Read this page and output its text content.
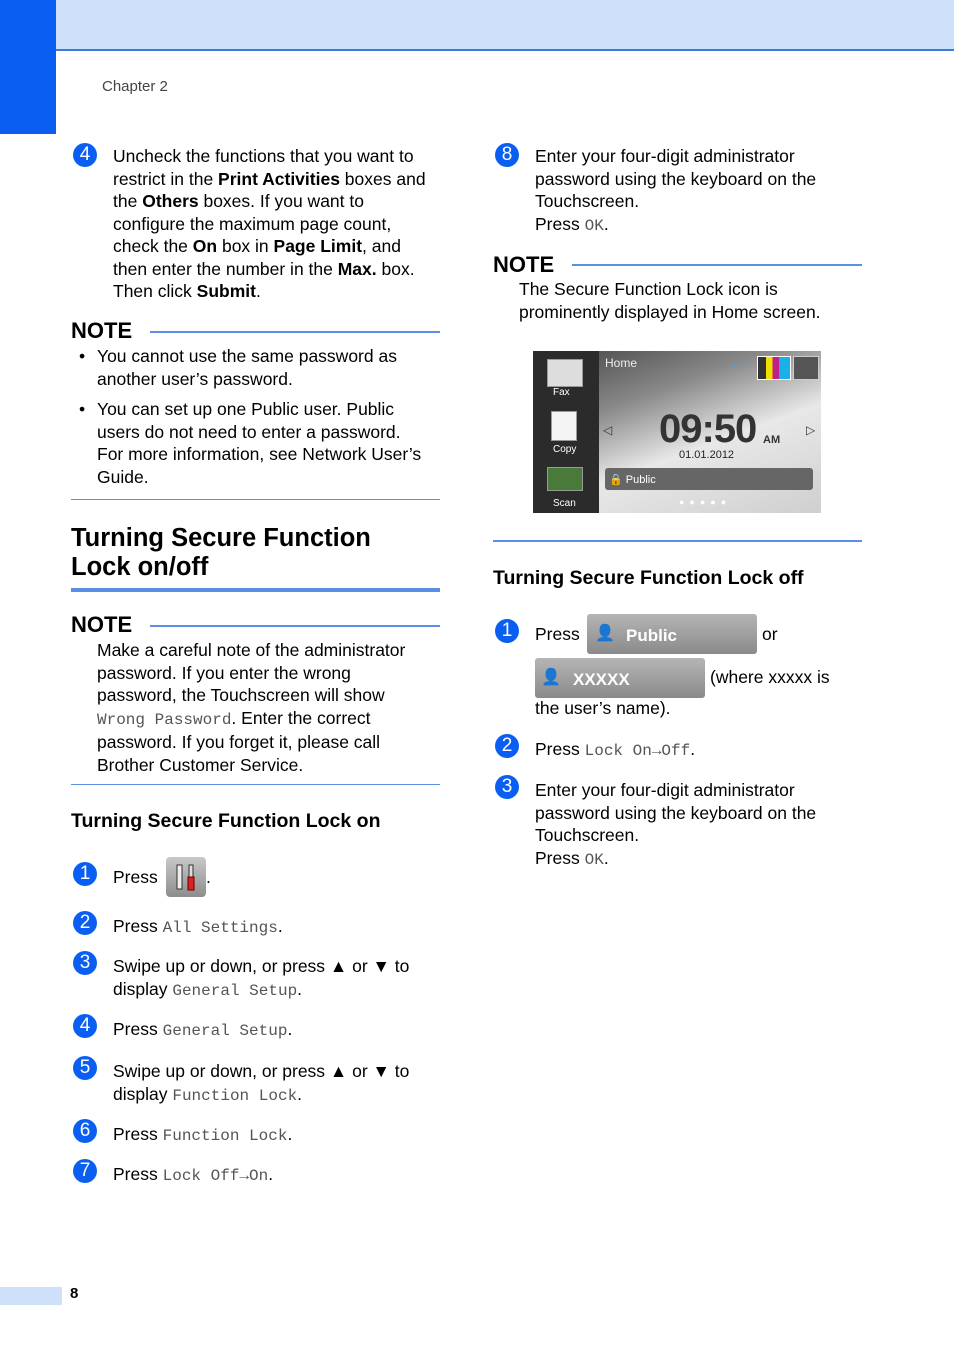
Chapter 2
4	Uncheck the functions that you want to
restrict in the Print Activities boxes and
the Others boxes. If you want to
configure the maximum page count,
check the On box in Page Limit, and
then enter the number in the Max. box.
Then click Submit.
NOTE
• You cannot use the same password as
another user’s password.
• You can set up one Public user. Public
users do not need to enter a password.
For more information, see Network User’s
Guide.
Turning Secure Function
Lock on/off
NOTE
Make a careful note of the administrator
password. If you enter the wrong
password, the Touchscreen will show
Wrong Password. Enter the correct
password. If you forget it, please call
Brother Customer Service.
Turning Secure Function Lock on
1	Press	.
2	Press All Settings.
3	Swipe up or down, or press ▲ or ▼ to
display General Setup.
4	Press General Setup.
5	Swipe up or down, or press ▲ or ▼ to
display Function Lock.
6	Press Function Lock.
7	Press Lock Off→On.
8	Enter your four-digit administrator
password using the keyboard on the
Touchscreen.
Press OK.
NOTE
The Secure Function Lock icon is
prominently displayed in Home screen.
Fax
Copy
Scan
Home	◠
◁	▷
09:50 AM
01.01.2012
🔒 Public
●●●●●
Turning Secure Function Lock off
1	Press 👤 Public	or
👤 XXXXX	(where xxxxx is
the user’s name).
2	Press Lock On→Off.
3	Enter your four-digit administrator
password using the keyboard on the
Touchscreen.
Press OK.
8
